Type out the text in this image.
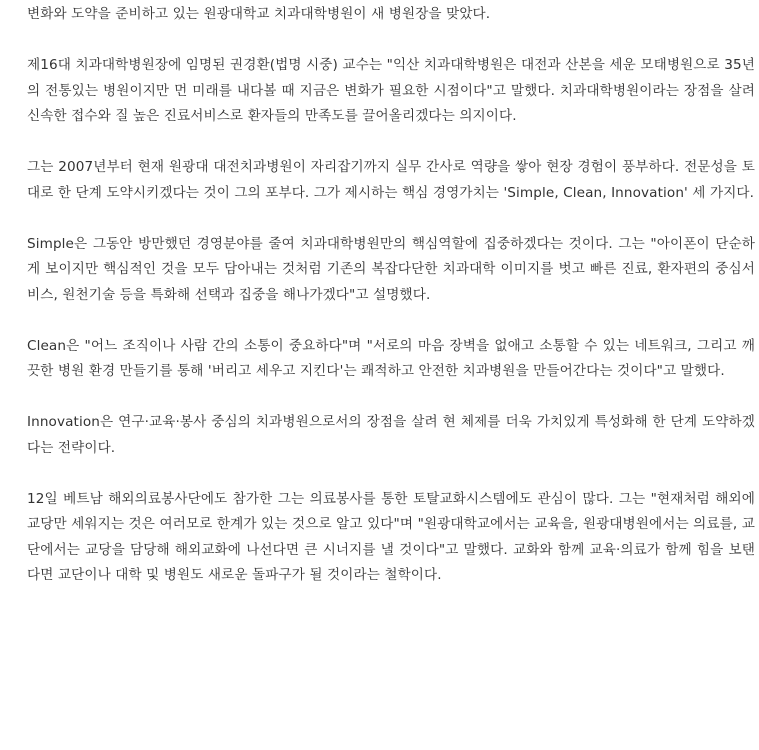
변화와 도약을 준비하고 있는 원광대학교 치과대학병원이 새 병원장을 맞았다.

제16대 치과대학병원장에 임명된 권경환(법명 시중) 교수는 "익산 치과대학병원은 대전과 산본을 세운 모태병원으로 35년의 전통있는 병원이지만 먼 미래를 내다볼 때 지금은 변화가 필요한 시점이다"고 말했다. 치과대학병원이라는 장점을 살려 신속한 접수와 질 높은 진료서비스로 환자들의 만족도를 끌어올리겠다는 의지이다.

그는 2007년부터 현재 원광대 대전치과병원이 자리잡기까지 실무 간사로 역량을 쌓아 현장 경험이 풍부하다. 전문성을 토대로 한 단계 도약시키겠다는 것이 그의 포부다. 그가 제시하는 핵심 경영가치는 'Simple, Clean, Innovation' 세 가지다.

Simple은 그동안 방만했던 경영분야를 줄여 치과대학병원만의 핵심역할에 집중하겠다는 것이다. 그는 "아이폰이 단순하게 보이지만 핵심적인 것을 모두 담아내는 것처럼 기존의 복잡다단한 치과대학 이미지를 벗고 빠른 진료, 환자편의 중심서비스, 원천기술 등을 특화해 선택과 집중을 해나가겠다"고 설명했다.

Clean은 "어느 조직이나 사람 간의 소통이 중요하다"며 "서로의 마음 장벽을 없애고 소통할 수 있는 네트워크, 그리고 깨끗한 병원 환경 만들기를 통해 '버리고 세우고 지킨다'는 쾌적하고 안전한 치과병원을 만들어간다는 것이다"고 말했다.

Innovation은 연구·교육·봉사 중심의 치과병원으로서의 장점을 살려 현 체제를 더욱 가치있게 특성화해 한 단계 도약하겠다는 전략이다.

12일 베트남 해외의료봉사단에도 참가한 그는 의료봉사를 통한 토탈교화시스템에도 관심이 많다. 그는 "현재처럼 해외에 교당만 세워지는 것은 여러모로 한계가 있는 것으로 알고 있다"며 "원광대학교에서는 교육을, 원광대병원에서는 의료를, 교단에서는 교당을 담당해 해외교화에 나선다면 큰 시너지를 낼 것이다"고 말했다. 교화와 함께 교육·의료가 함께 힘을 보탠다면 교단이나 대학 및 병원도 새로운 돌파구가 될 것이라는 철학이다.
